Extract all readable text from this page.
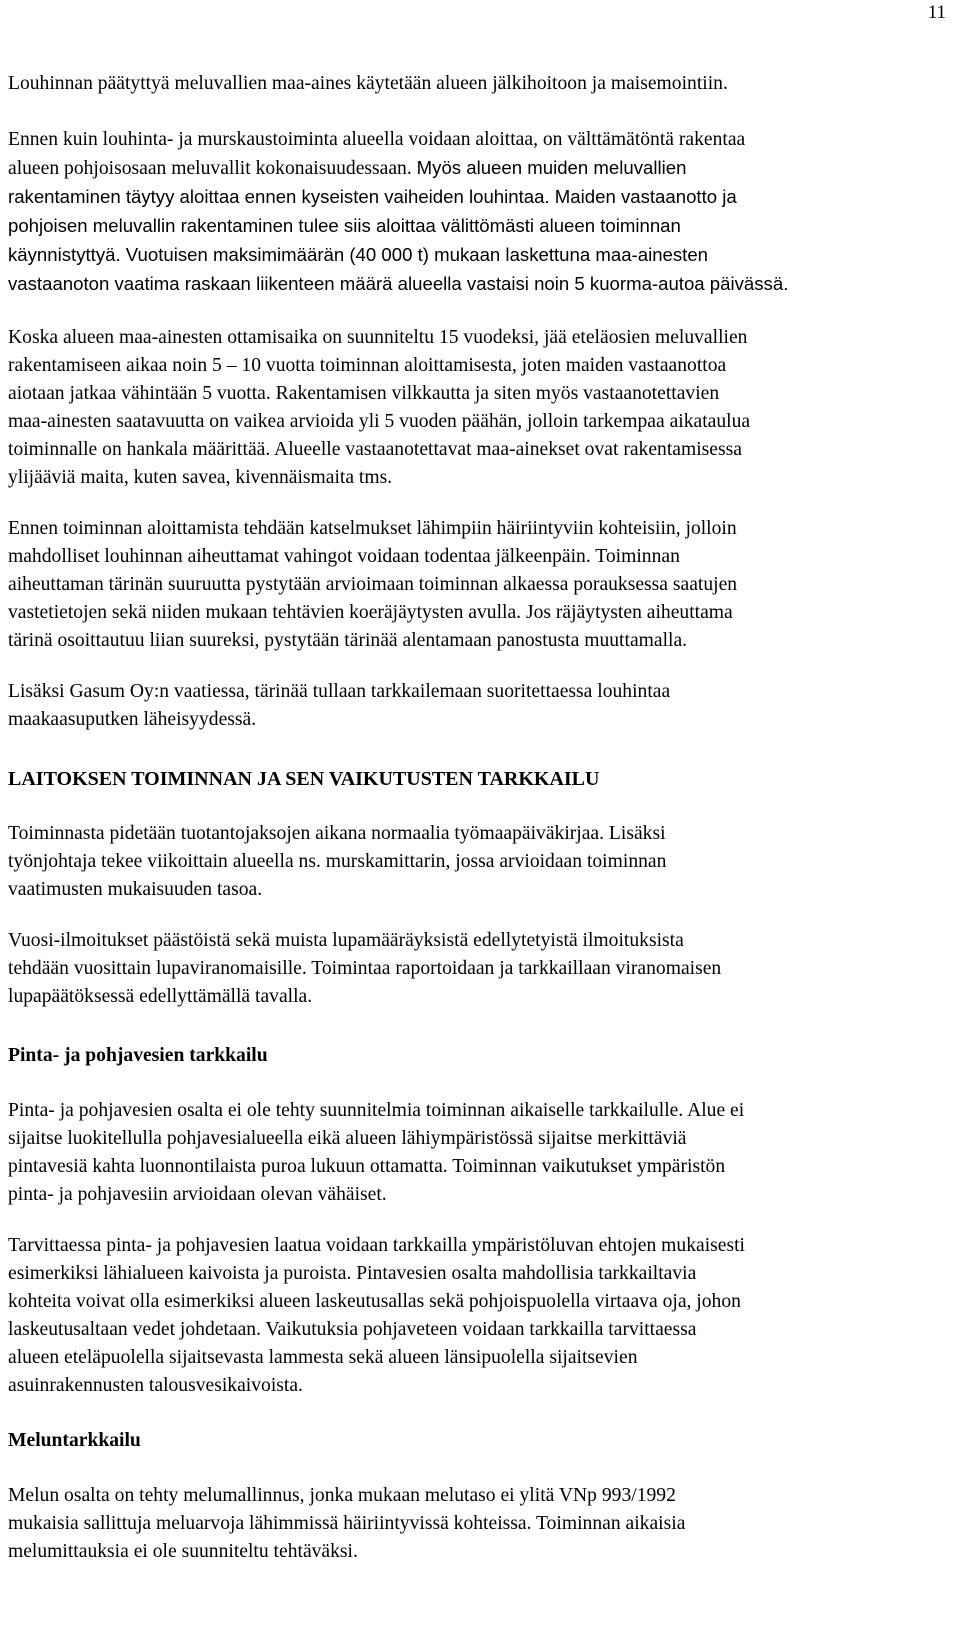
11

Louhinnan päätyttyä meluvallien maa-aines käytetään alueen jälkihoitoon ja maisemointiin.

Ennen kuin louhinta- ja murskaustoiminta alueella voidaan aloittaa, on välttämätöntä rakentaa
alueen pohjoisosaan meluvallit kokonaisuudessaan. Myös alueen muiden meluvallien
rakentaminen täytyy aloittaa ennen kyseisten vaiheiden louhintaa. Maiden vastaanotto ja
pohjoisen meluvallin rakentaminen tulee siis aloittaa välittömästi alueen toiminnan
käynnistyttyä. Vuotuisen maksimimäärän (40 000 t) mukaan laskettuna maa-ainesten
vastaanoton vaatima raskaan liikenteen määrä alueella vastaisi noin 5 kuorma-autoa päivässä.

Koska alueen maa-ainesten ottamisaika on suunniteltu 15 vuodeksi, jää eteläosien meluvallien
rakentamiseen aikaa noin 5 – 10 vuotta toiminnan aloittamisesta, joten maiden vastaanottoa
aiotaan jatkaa vähintään 5 vuotta. Rakentamisen vilkkautta ja siten myös vastaanotettavien
maa-ainesten saatavuutta on vaikea arvioida yli 5 vuoden päähän, jolloin tarkempaa aikataulua
toiminnalle on hankala määrittää. Alueelle vastaanotettavat maa-ainekset ovat rakentamisessa
ylijääviä maita, kuten savea, kivennäismaita tms.

Ennen toiminnan aloittamista tehdään katselmukset lähimpiin häiriintyviin kohteisiin, jolloin
mahdolliset louhinnan aiheuttamat vahingot voidaan todentaa jälkeenpäin. Toiminnan
aiheuttaman tärinän suuruutta pystytään arvioimaan toiminnan alkaessa porauksessa saatujen
vastetietojen sekä niiden mukaan tehtävien koeräjäytysten avulla. Jos räjäytysten aiheuttama
tärinä osoittautuu liian suureksi, pystytään tärinää alentamaan panostusta muuttamalla.

Lisäksi Gasum Oy:n vaatiessa, tärinää tullaan tarkkailemaan suoritettaessa louhintaa
maakaasuputken läheisyydessä.

LAITOKSEN TOIMINNAN JA SEN VAIKUTUSTEN TARKKAILU

Toiminnasta pidetään tuotantojaksojen aikana normaalia työmaapäiväkirjaa. Lisäksi
työnjohtaja tekee viikoittain alueella ns. murskamittarin, jossa arvioidaan toiminnan
vaatimusten mukaisuuden tasoa.

Vuosi-ilmoitukset päästöistä sekä muista lupamääräyksistä edellytetyistä ilmoituksista
tehdään vuosittain lupaviranomaisille. Toimintaa raportoidaan ja tarkkaillaan viranomaisen
lupapäätöksessä edellyttämällä tavalla.

Pinta- ja pohjavesien tarkkailu

Pinta- ja pohjavesien osalta ei ole tehty suunnitelmia toiminnan aikaiselle tarkkailulle. Alue ei
sijaitse luokitellulla pohjavesialueella eikä alueen lähiympäristössä sijaitse merkittäviä
pintavesiä kahta luonnontilaista puroa lukuun ottamatta. Toiminnan vaikutukset ympäristön
pinta- ja pohjavesiin arvioidaan olevan vähäiset.

Tarvittaessa pinta- ja pohjavesien laatua voidaan tarkkailla ympäristöluvan ehtojen mukaisesti
esimerkiksi lähialueen kaivoista ja puroista. Pintavesien osalta mahdollisia tarkkailtavia
kohteita voivat olla esimerkiksi alueen laskeutusallas sekä pohjoispuolella virtaava oja, johon
laskeutusaltaan vedet johdetaan. Vaikutuksia pohjaveteen voidaan tarkkailla tarvittaessa
alueen eteläpuolella sijaitsevasta lammesta sekä alueen länsipuolella sijaitsevien
asuinrakennusten talousvesikaivoista.

Meluntarkkailu

Melun osalta on tehty melumallinnus, jonka mukaan melutaso ei ylitä VNp 993/1992
mukaisia sallittuja meluarvoja lähimmissä häiriintyvissä kohteissa. Toiminnan aikaisia
melumittauksia ei ole suunniteltu tehtäväksi.
